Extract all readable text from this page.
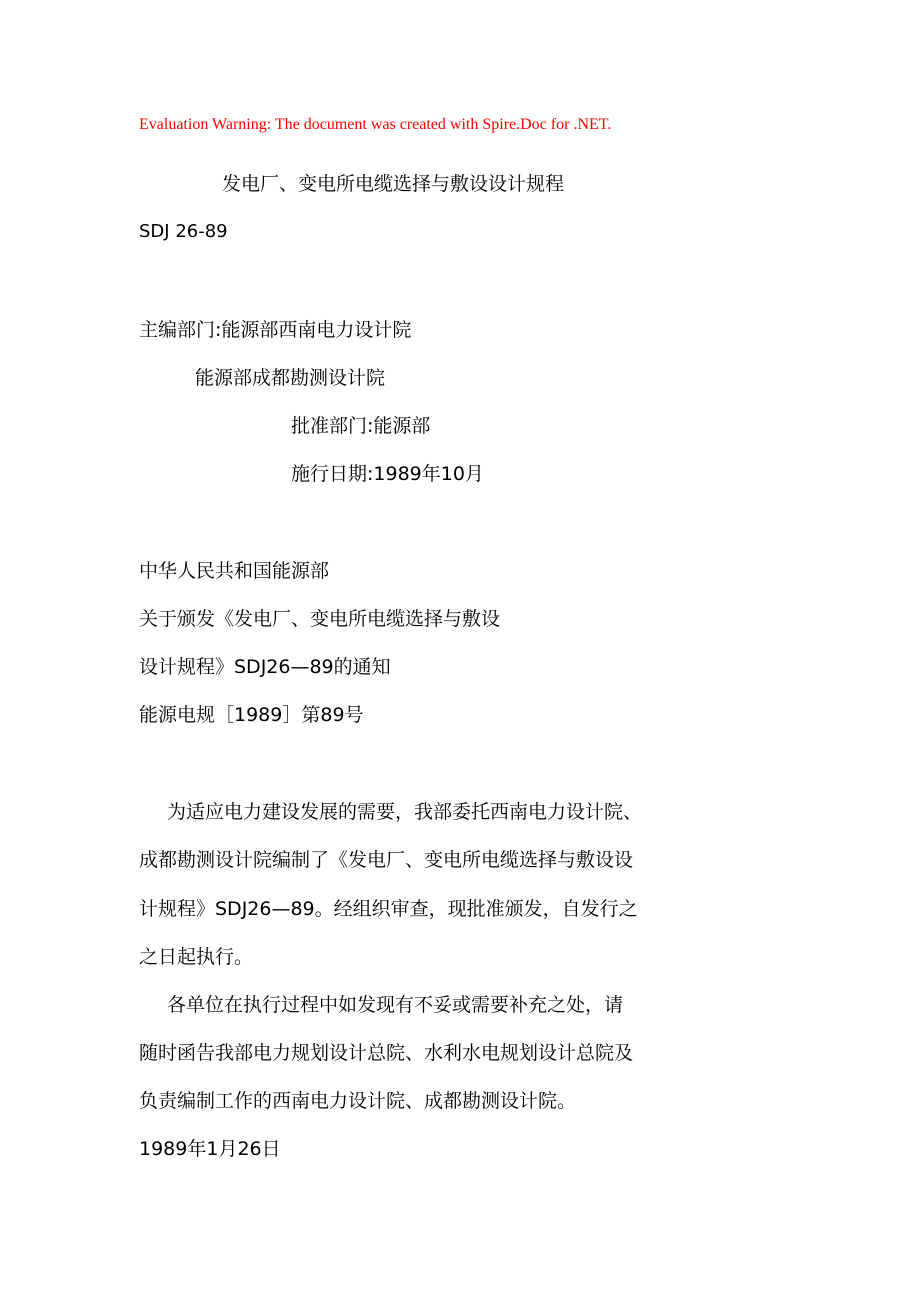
Evaluation Warning: The document was created with Spire.Doc for .NET.
发电厂、变电所电缆选择与敷设设计规程
SDJ 26-89
主编部门:能源部西南电力设计院
能源部成都勘测设计院
批准部门:能源部
施行日期:1989年10月
中华人民共和国能源部
关于颁发《发电厂、变电所电缆选择与敷设
设计规程》SDJ26—89的通知
能源电规［1989］第89号
为适应电力建设发展的需要，我部委托西南电力设计院、
成都勘测设计院编制了《发电厂、变电所电缆选择与敷设设
计规程》SDJ26—89。经组织审查，现批准颁发，自发行之
之日起执行。
各单位在执行过程中如发现有不妥或需要补充之处，请
随时函告我部电力规划设计总院、水利水电规划设计总院及
负责编制工作的西南电力设计院、成都勘测设计院。
1989年1月26日
